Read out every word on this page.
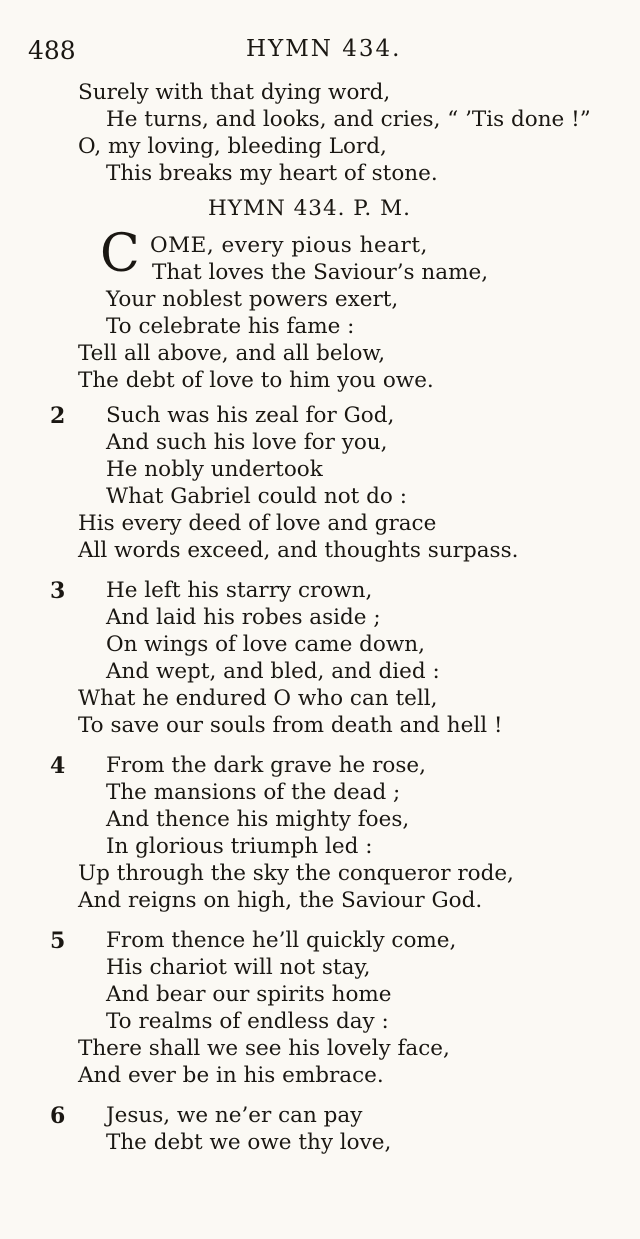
488	HYMN 434.
Surely with that dying word,
He turns, and looks, and cries, “ ’Tis done !”
O, my loving, bleeding Lord,
This breaks my heart of stone.
HYMN 434. P. M.
C OME, every pious heart,
That loves the Saviour’s name,
Your noblest powers exert,
To celebrate his fame :
Tell all above, and all below,
The debt of love to him you owe.
2 Such was his zeal for God,
And such his love for you,
He nobly undertook
What Gabriel could not do :
His every deed of love and grace
All words exceed, and thoughts surpass.
3 He left his starry crown,
And laid his robes aside ;
On wings of love came down,
And wept, and bled, and died :
What he endured O who can tell,
To save our souls from death and hell !
4 From the dark grave he rose,
The mansions of the dead ;
And thence his mighty foes,
In glorious triumph led :
Up through the sky the conqueror rode,
And reigns on high, the Saviour God.
5 From thence he’ll quickly come,
His chariot will not stay,
And bear our spirits home
To realms of endless day :
There shall we see his lovely face,
And ever be in his embrace.
6 Jesus, we ne’er can pay
The debt we owe thy love,
